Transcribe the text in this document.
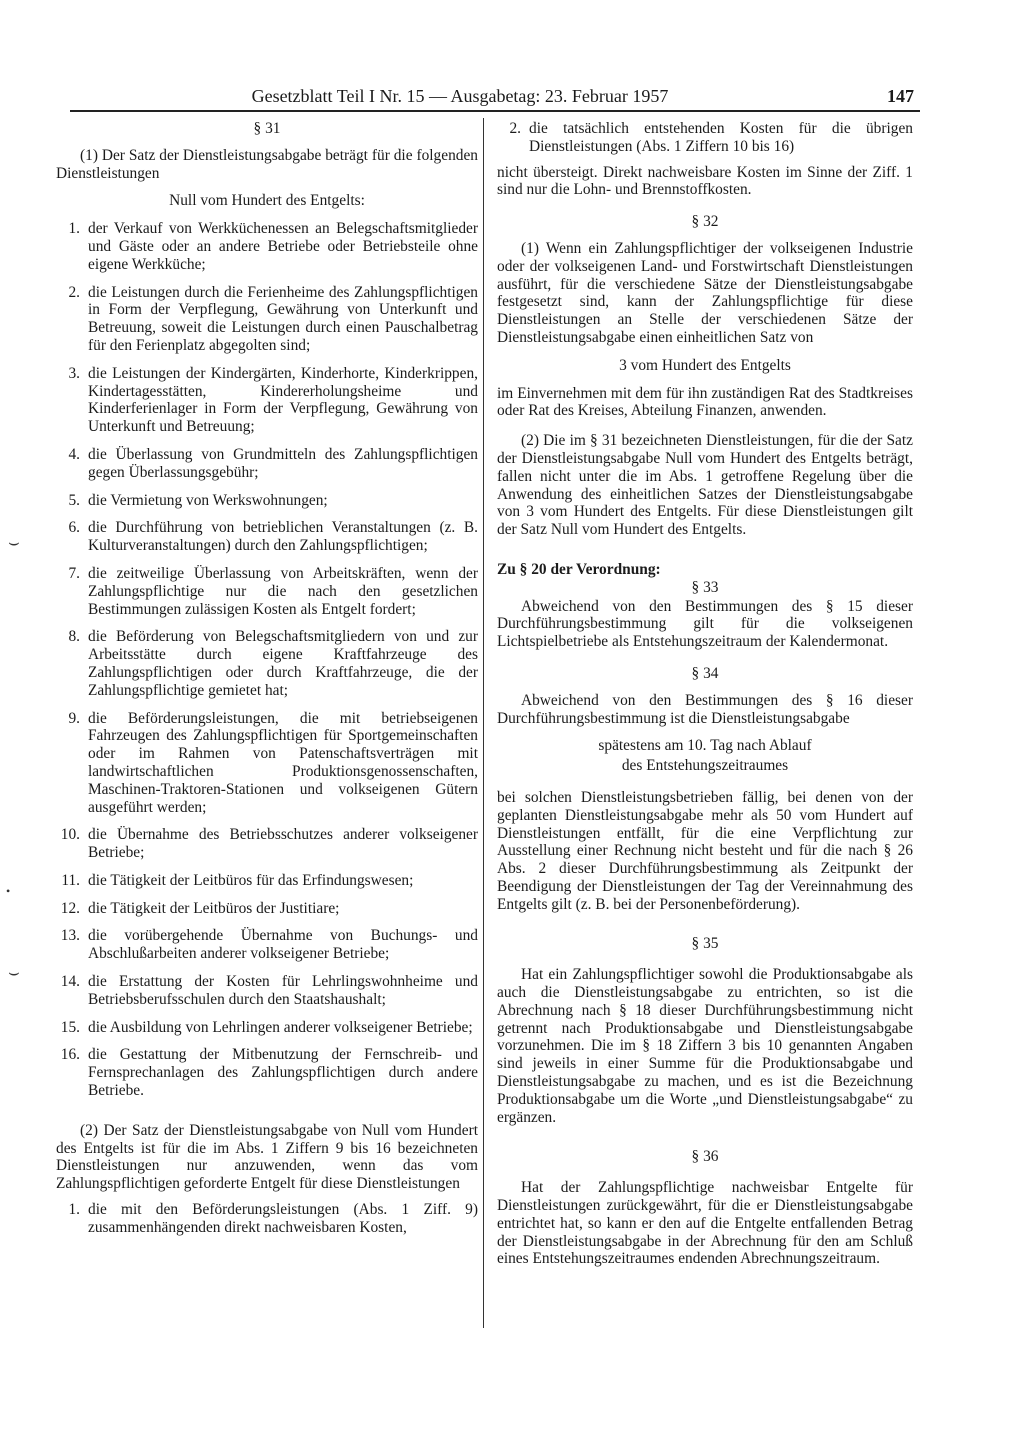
Gesetzblatt Teil I Nr. 15 — Ausgabetag: 23. Februar 1957	147
⌣
•
⌣
§ 31

(1) Der Satz der Dienstleistungsabgabe beträgt für die folgenden Dienstleistungen

Null vom Hundert des Entgelts:
1. der Verkauf von Werkküchenessen an Belegschaftsmitglieder und Gäste oder an andere Betriebe oder Betriebsteile ohne eigene Werkküche;
2. die Leistungen durch die Ferienheime des Zahlungspflichtigen in Form der Verpflegung, Gewährung von Unterkunft und Betreuung, soweit die Leistungen durch einen Pauschalbetrag für den Ferienplatz abgegolten sind;
3. die Leistungen der Kindergärten, Kinderhorte, Kinderkrippen, Kindertagesstätten, Kindererholungsheime und Kinderferienlager in Form der Verpflegung, Gewährung von Unterkunft und Betreuung;
4. die Überlassung von Grundmitteln des Zahlungspflichtigen gegen Überlassungsgebühr;
5. die Vermietung von Werkswohnungen;
6. die Durchführung von betrieblichen Veranstaltungen (z. B. Kulturveranstaltungen) durch den Zahlungspflichtigen;
7. die zeitweilige Überlassung von Arbeitskräften, wenn der Zahlungspflichtige nur die nach den gesetzlichen Bestimmungen zulässigen Kosten als Entgelt fordert;
8. die Beförderung von Belegschaftsmitgliedern von und zur Arbeitsstätte durch eigene Kraftfahrzeuge des Zahlungspflichtigen oder durch Kraftfahrzeuge, die der Zahlungspflichtige gemietet hat;
9. die Beförderungsleistungen, die mit betriebseigenen Fahrzeugen des Zahlungspflichtigen für Sportgemeinschaften oder im Rahmen von Patenschaftsverträgen mit landwirtschaftlichen Produktionsgenossenschaften, Maschinen-Traktoren-Stationen und volkseigenen Gütern ausgeführt werden;
10. die Übernahme des Betriebsschutzes anderer volkseigener Betriebe;
11. die Tätigkeit der Leitbüros für das Erfindungswesen;
12. die Tätigkeit der Leitbüros der Justitiare;
13. die vorübergehende Übernahme von Buchungs- und Abschlußarbeiten anderer volkseigener Betriebe;
14. die Erstattung der Kosten für Lehrlingswohnheime und Betriebsberufsschulen durch den Staatshaushalt;
15. die Ausbildung von Lehrlingen anderer volkseigener Betriebe;
16. die Gestattung der Mitbenutzung der Fernschreib- und Fernsprechanlagen des Zahlungspflichtigen durch andere Betriebe.

(2) Der Satz der Dienstleistungsabgabe von Null vom Hundert des Entgelts ist für die im Abs. 1 Ziffern 9 bis 16 bezeichneten Dienstleistungen nur anzuwenden, wenn das vom Zahlungspflichtigen geforderte Entgelt für diese Dienstleistungen

1. die mit den Beförderungsleistungen (Abs. 1 Ziff. 9) zusammenhängenden direkt nachweisbaren Kosten,
2. die tatsächlich entstehenden Kosten für die übrigen Dienstleistungen (Abs. 1 Ziffern 10 bis 16)

nicht übersteigt. Direkt nachweisbare Kosten im Sinne der Ziff. 1 sind nur die Lohn- und Brennstoffkosten.

§ 32

(1) Wenn ein Zahlungspflichtiger der volkseigenen Industrie oder der volkseigenen Land- und Forstwirtschaft Dienstleistungen ausführt, für die verschiedene Sätze der Dienstleistungsabgabe festgesetzt sind, kann der Zahlungspflichtige für diese Dienstleistungen an Stelle der verschiedenen Sätze der Dienstleistungsabgabe einen einheitlichen Satz von

3 vom Hundert des Entgelts

im Einvernehmen mit dem für ihn zuständigen Rat des Stadtkreises oder Rat des Kreises, Abteilung Finanzen, anwenden.

(2) Die im § 31 bezeichneten Dienstleistungen, für die der Satz der Dienstleistungsabgabe Null vom Hundert des Entgelts beträgt, fallen nicht unter die im Abs. 1 getroffene Regelung über die Anwendung des einheitlichen Satzes der Dienstleistungsabgabe von 3 vom Hundert des Entgelts. Für diese Dienstleistungen gilt der Satz Null vom Hundert des Entgelts.

Zu § 20 der Verordnung:
§ 33

Abweichend von den Bestimmungen des § 15 dieser Durchführungsbestimmung gilt für die volkseigenen Lichtspielbetriebe als Entstehungszeitraum der Kalendermonat.

§ 34

Abweichend von den Bestimmungen des § 16 dieser Durchführungsbestimmung ist die Dienstleistungsabgabe

spätestens am 10. Tag nach Ablauf
des Entstehungszeitraumes

bei solchen Dienstleistungsbetrieben fällig, bei denen von der geplanten Dienstleistungsabgabe mehr als 50 vom Hundert auf Dienstleistungen entfällt, für die eine Verpflichtung zur Ausstellung einer Rechnung nicht besteht und für die nach § 26 Abs. 2 dieser Durchführungsbestimmung als Zeitpunkt der Beendigung der Dienstleistungen der Tag der Vereinnahmung des Entgelts gilt (z. B. bei der Personenbeförderung).

§ 35

Hat ein Zahlungspflichtiger sowohl die Produktionsabgabe als auch die Dienstleistungsabgabe zu entrichten, so ist die Abrechnung nach § 18 dieser Durchführungsbestimmung nicht getrennt nach Produktionsabgabe und Dienstleistungsabgabe vorzunehmen. Die im § 18 Ziffern 3 bis 10 genannten Angaben sind jeweils in einer Summe für die Produktionsabgabe und Dienstleistungsabgabe zu machen, und es ist die Bezeichnung Produktionsabgabe um die Worte „und Dienstleistungsabgabe“ zu ergänzen.

§ 36

Hat der Zahlungspflichtige nachweisbar Entgelte für Dienstleistungen zurückgewährt, für die er Dienstleistungsabgabe entrichtet hat, so kann er den auf die Entgelte entfallenden Betrag der Dienstleistungsabgabe in der Abrechnung für den am Schluß eines Entstehungszeitraumes endenden Abrechnungszeitraum.
